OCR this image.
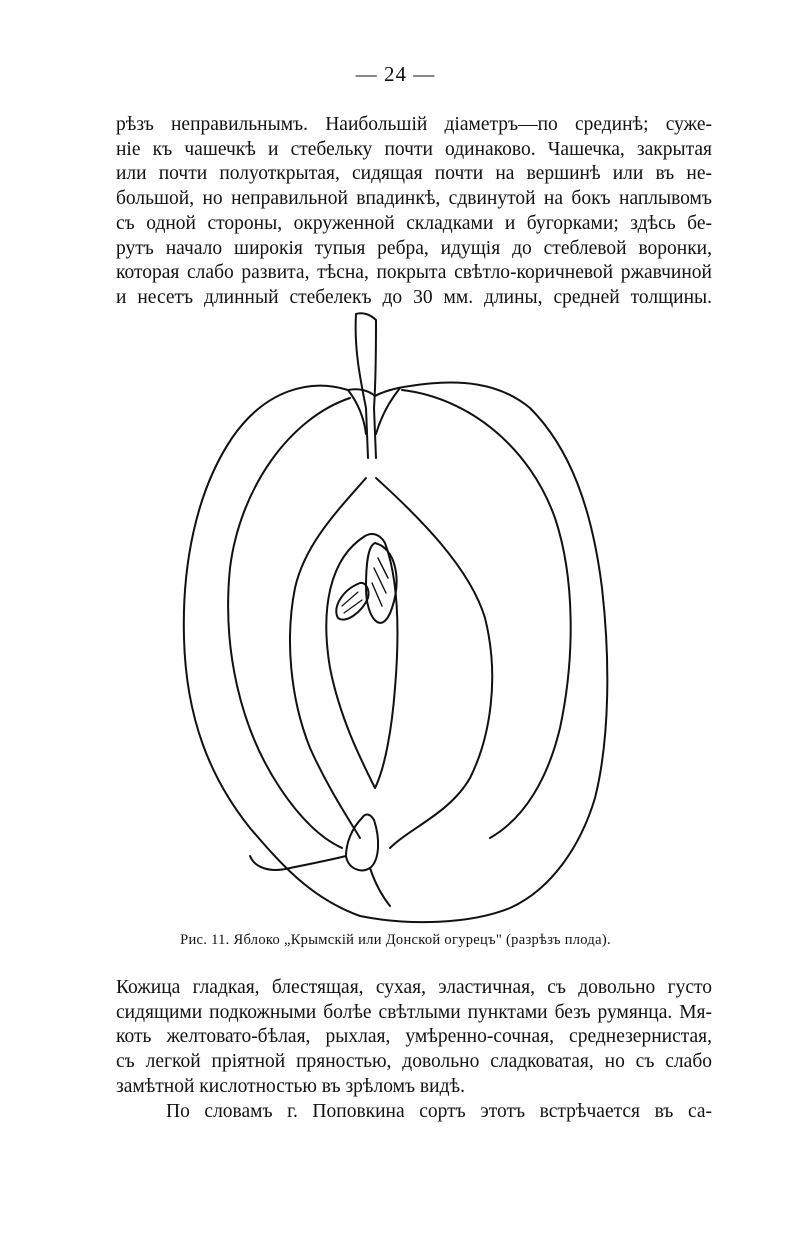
— 24 —
рѣзъ неправильнымъ. Наибольшій діаметръ—по срединѣ; суже-
ніе къ чашечкѣ и стебельку почти одинаково. Чашечка, закрытая
или почти полуоткрытая, сидящая почти на вершинѣ или въ не-
большой, но неправильной впадинкѣ, сдвинутой на бокъ наплывомъ
съ одной стороны, окруженной складками и бугорками; здѣсь бе-
рутъ начало широкія тупыя ребра, идущія до стеблевой воронки,
которая слабо развита, тѣсна, покрыта свѣтло-коричневой ржавчиной
и несетъ длинный стебелекъ до 30 мм. длины, средней толщины.
Рис. 11. Яблоко „Крымскій или Донской огурецъ" (разрѣзъ плода).
Кожица гладкая, блестящая, сухая, эластичная, съ довольно густо
сидящими подкожными болѣе свѣтлыми пунктами безъ румянца. Мя-
коть желтовато-бѣлая, рыхлая, умѣренно-сочная, среднезернистая,
съ легкой пріятной пряностью, довольно сладковатая, но съ слабо
замѣтной кислотностью въ зрѣломъ видѣ.
По словамъ г. Поповкина сортъ этотъ встрѣчается въ са-
